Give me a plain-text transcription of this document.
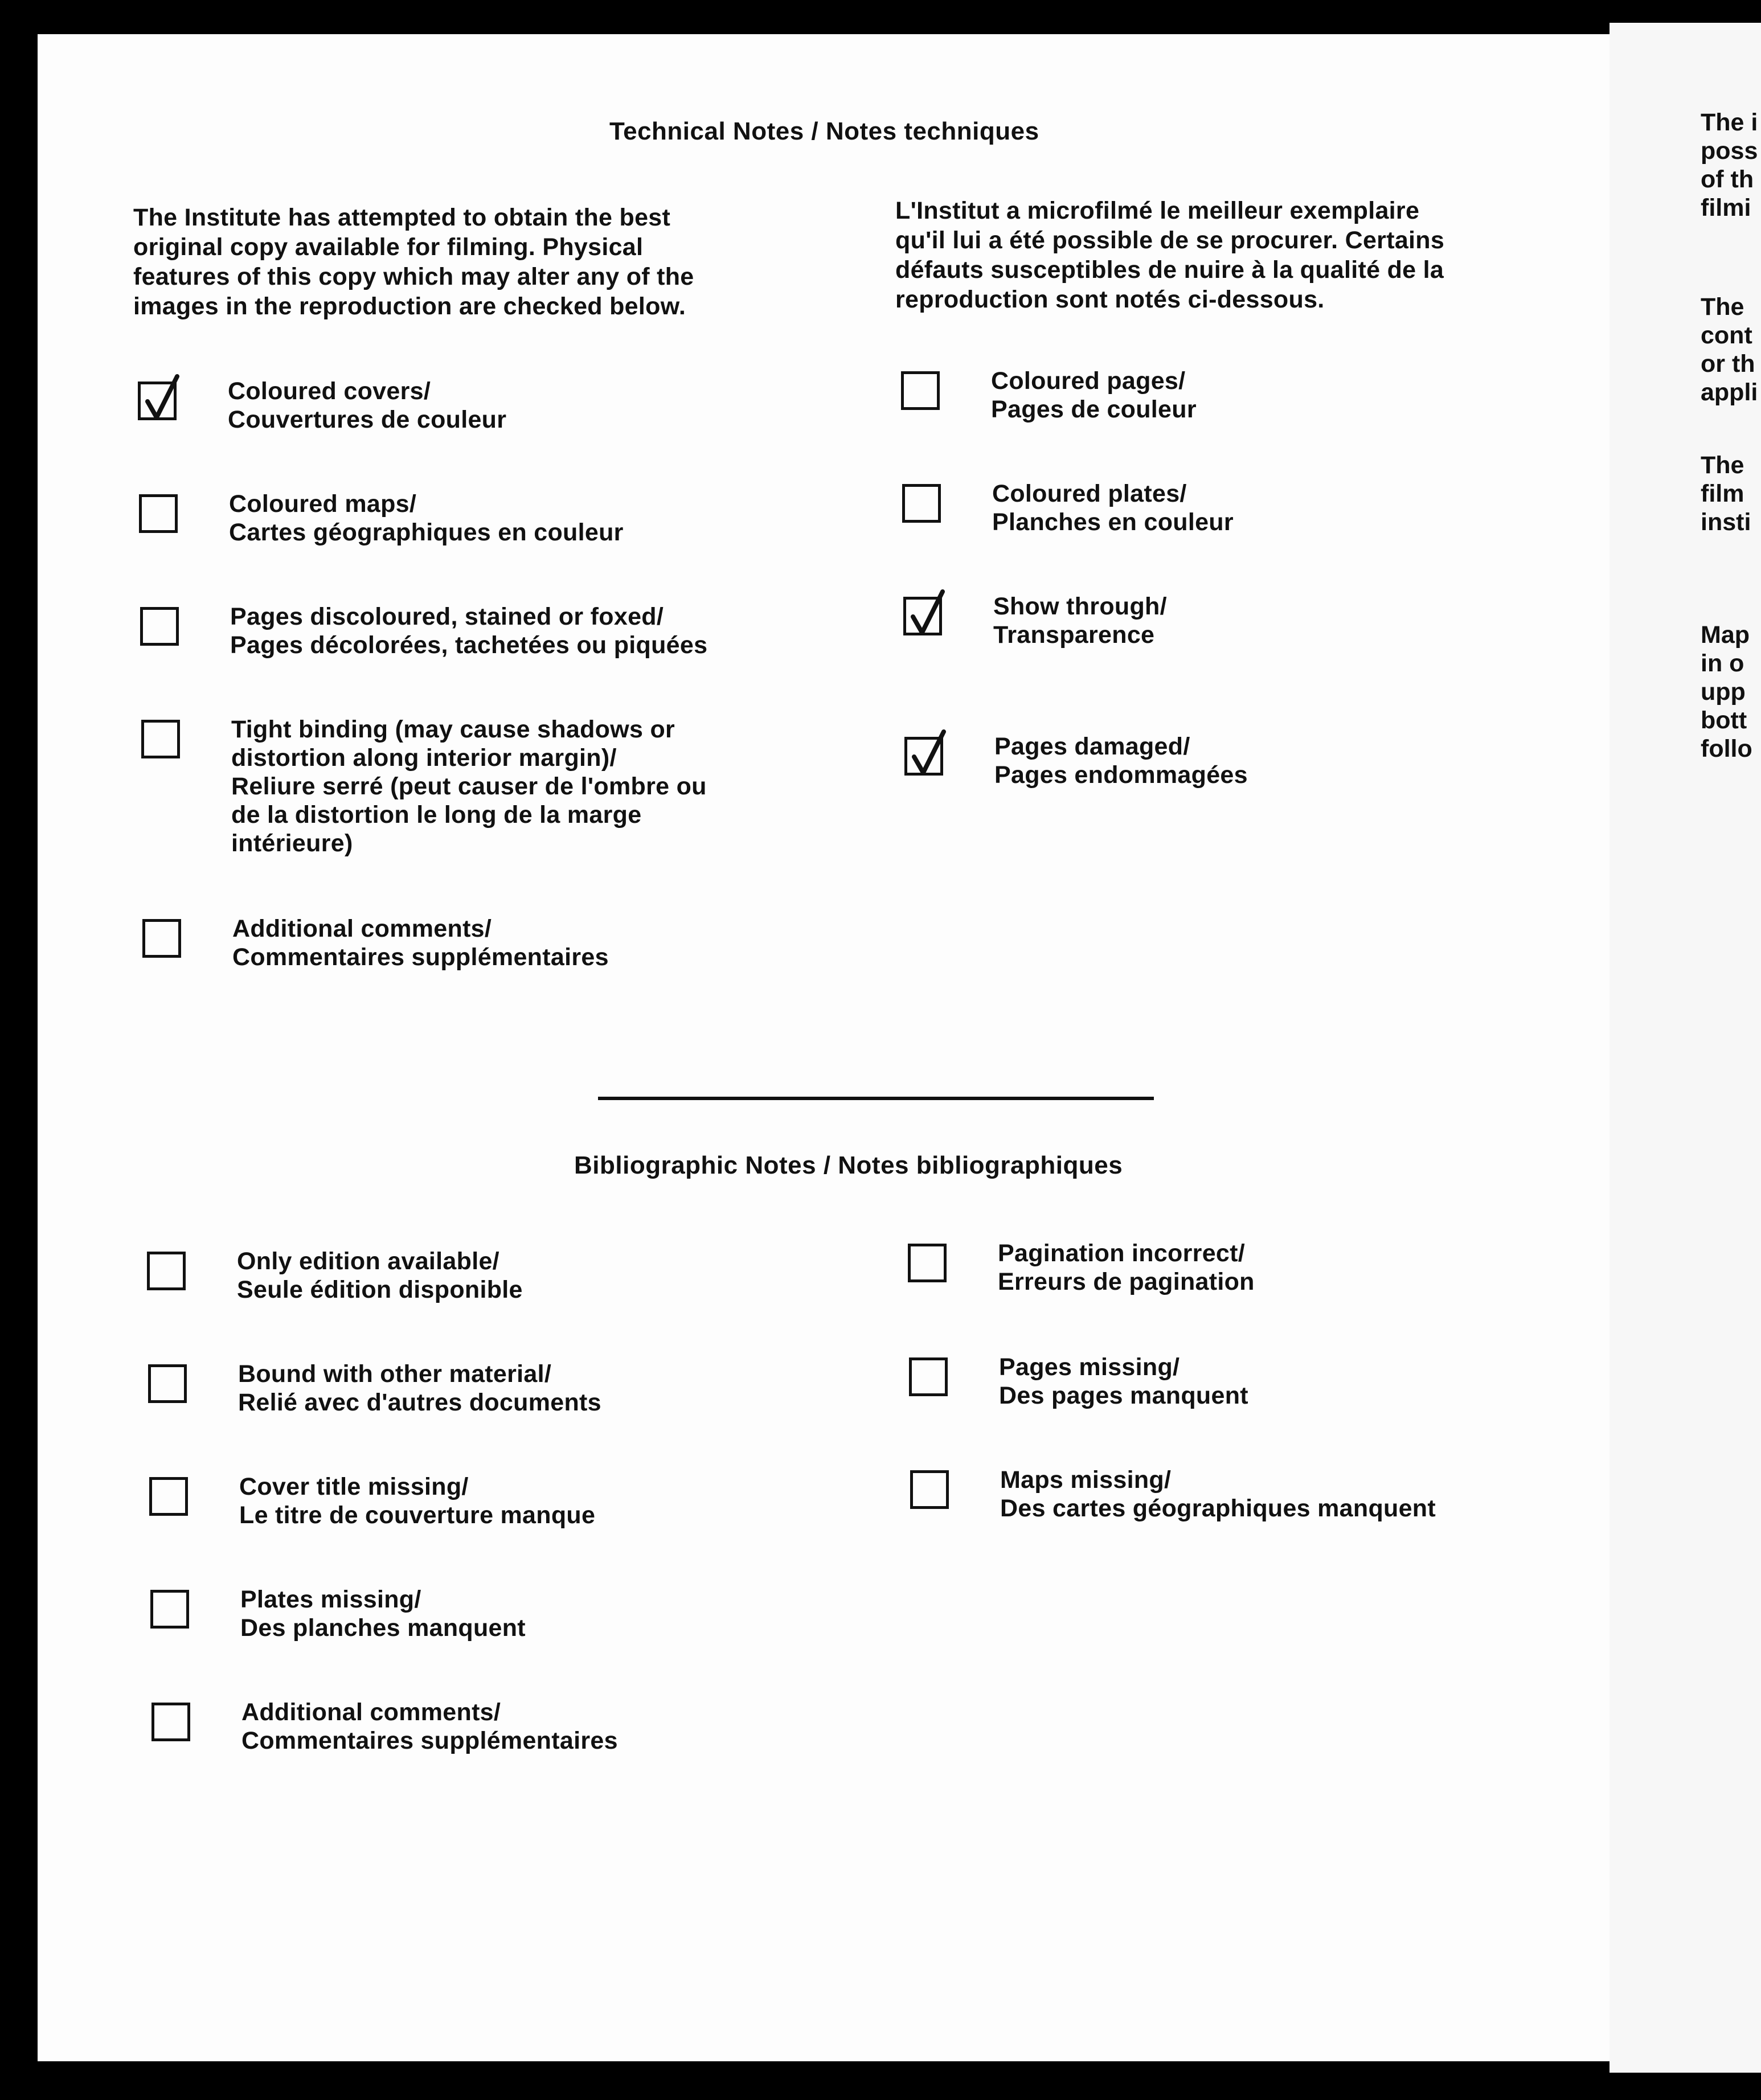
Technical Notes / Notes techniques
The Institute has attempted to obtain the best
original copy available for filming. Physical
features of this copy which may alter any of the
images in the reproduction are checked below.
L'Institut a microfilmé le meilleur exemplaire
qu'il lui a été possible de se procurer. Certains
défauts susceptibles de nuire à la qualité de la
reproduction sont notés ci-dessous.
Coloured covers/
Couvertures de couleur
Coloured maps/
Cartes géographiques en couleur
Pages discoloured, stained or foxed/
Pages décolorées, tachetées ou piquées
Tight binding (may cause shadows or
distortion along interior margin)/
Reliure serré (peut causer de l'ombre ou
de la distortion le long de la marge
intérieure)
Additional comments/
Commentaires supplémentaires
Coloured pages/
Pages de couleur
Coloured plates/
Planches en couleur
Show through/
Transparence
Pages damaged/
Pages endommagées
Bibliographic Notes / Notes bibliographiques
Only edition available/
Seule édition disponible
Bound with other material/
Relié avec d'autres documents
Cover title missing/
Le titre de couverture manque
Plates missing/
Des planches manquent
Additional comments/
Commentaires supplémentaires
Pagination incorrect/
Erreurs de pagination
Pages missing/
Des pages manquent
Maps missing/
Des cartes géographiques manquent
The i
poss
of th
filmi
The
cont
or th
appli
The
film
insti
Map
in o
upp
bott
follo
